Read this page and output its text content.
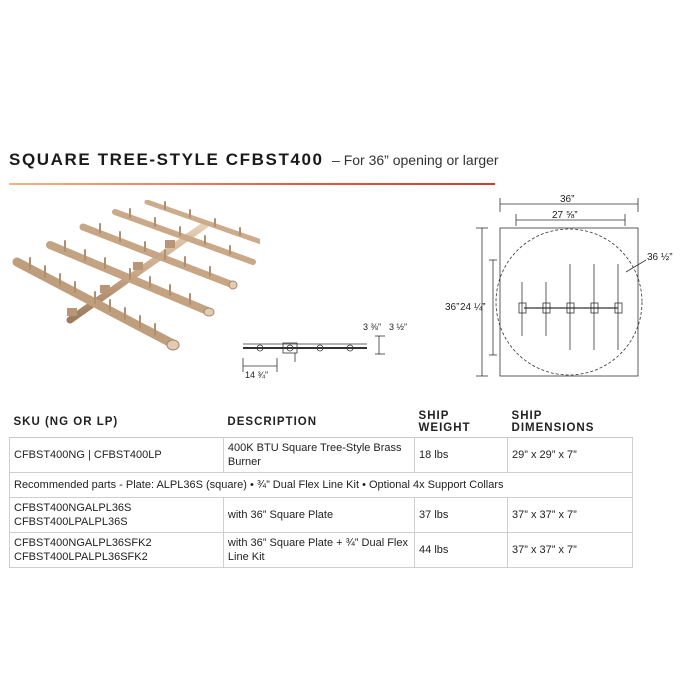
SQUARE TREE-STYLE CFBST400 – For 36” opening or larger
3 ⅜” 3 ½”
14 ¾”
36”
27 ⅝”
36” 24 ¼”
36 ½”
SKU (NG OR LP)	DESCRIPTION	SHIP WEIGHT	SHIP DIMENSIONS
CFBST400NG | CFBST400LP	400K BTU Square Tree-Style Brass Burner	18 lbs	29” x 29” x 7”
Recommended parts - Plate: ALPL36S (square) • ¾” Dual Flex Line Kit • Optional 4x Support Collars			

CFBST400NGALPL36S
CFBST400LPALPL36S	with 36” Square Plate	37 lbs	37” x 37” x 7”

CFBST400NGALPL36SFK2
CFBST400LPALPL36SFK2	with 36” Square Plate + ¾” Dual Flex
Line Kit	44 lbs	37” x 37” x 7”
